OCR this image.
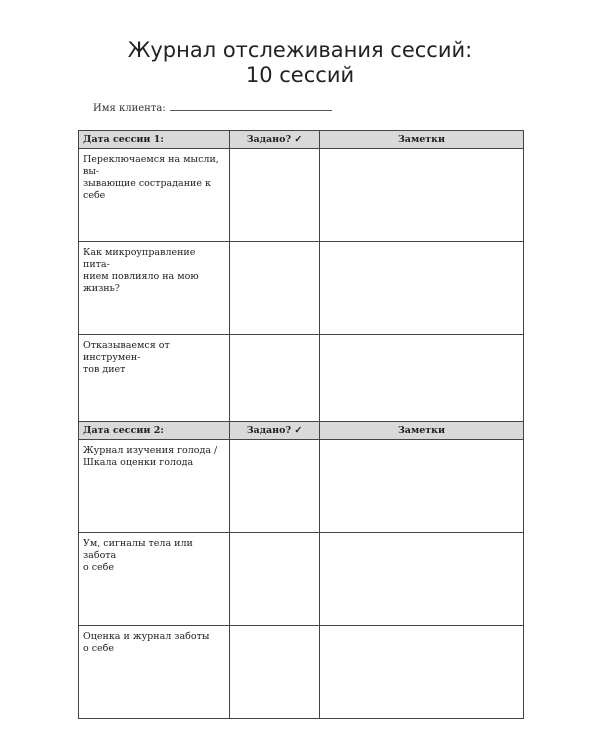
Журнал отслеживания сессий:
10 сессий
Имя клиента:
Дата сессии 1:	Задано? ✓	Заметки

Переключаемся на мысли, вы-
зывающие сострадание к себе		

Как микроуправление пита-
нием повлияло на мою жизнь?		

Отказываемся от инструмен-
тов диет		

Дата сессии 2:	Задано? ✓	Заметки

Журнал изучения голода /
Шкала оценки голода		

Ум, сигналы тела или забота
о себе		

Оценка и журнал заботы
о себе		
